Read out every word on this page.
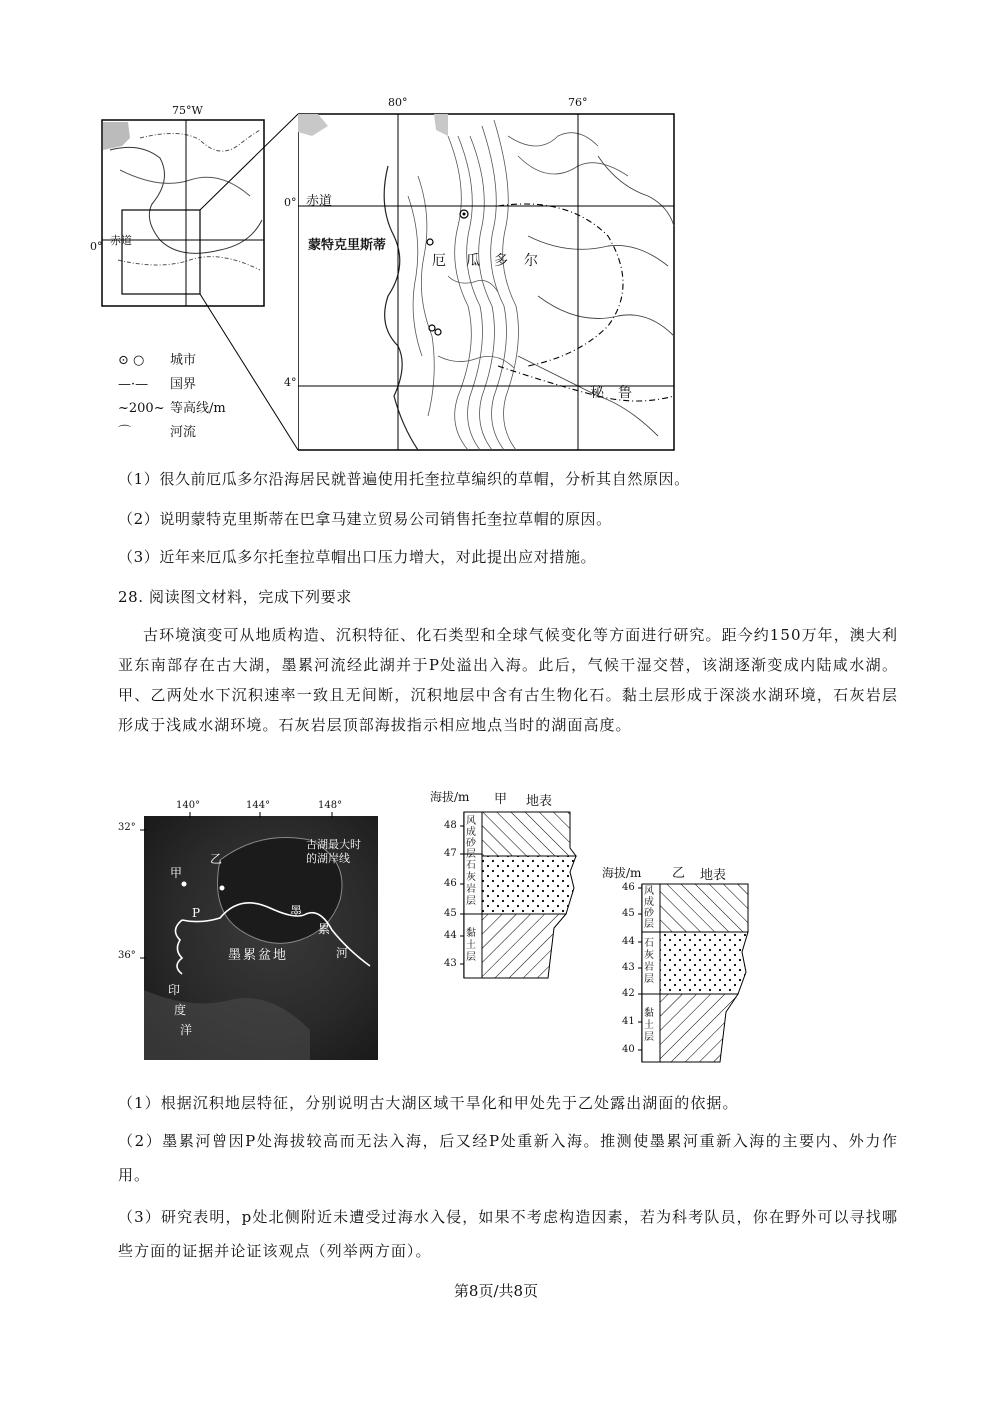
75°W
赤道
0°
80°	76°
0°
4°
赤道
蒙特克里斯蒂
厄 瓜 多 尔
秘 鲁
⊙ ○ 城市
—·— 国界
~200~ 等高线/m
⌒	河流
（1）很久前厄瓜多尔沿海居民就普遍使用托奎拉草编织的草帽，分析其自然原因。
（2）说明蒙特克里斯蒂在巴拿马建立贸易公司销售托奎拉草帽的原因。
（3）近年来厄瓜多尔托奎拉草帽出口压力增大，对此提出应对措施。
28. 阅读图文材料，完成下列要求
古环境演变可从地质构造、沉积特征、化石类型和全球气候变化等方面进行研究。距今约150万年，澳大利亚东南部存在古大湖，墨累河流经此湖并于P处溢出入海。此后，气候干湿交替，该湖逐渐变成内陆咸水湖。甲、乙两处水下沉积速率一致且无间断，沉积地层中含有古生物化石。黏土层形成于深淡水湖环境，石灰岩层形成于浅咸水湖环境。石灰岩层顶部海拔指示相应地点当时的湖面高度。
140°	144°	148°
32°
36°
甲
乙
P
古湖最大时
的湖岸线
墨累盆地
墨
累
河
印
度
洋
海拔/m 甲 地表
48
47
46
45
44
43
风成砂层
石灰岩层
黏土层
海拔/m 乙 地表
46
45
44
43
42
41
40
风成砂层
石灰岩层
黏土层
（1）根据沉积地层特征，分别说明古大湖区域干旱化和甲处先于乙处露出湖面的依据。
（2）墨累河曾因P处海拔较高而无法入海，后又经P处重新入海。推测使墨累河重新入海的主要内、外力作用。
（3）研究表明，p处北侧附近未遭受过海水入侵，如果不考虑构造因素，若为科考队员，你在野外可以寻找哪些方面的证据并论证该观点（列举两方面）。
第8页/共8页
